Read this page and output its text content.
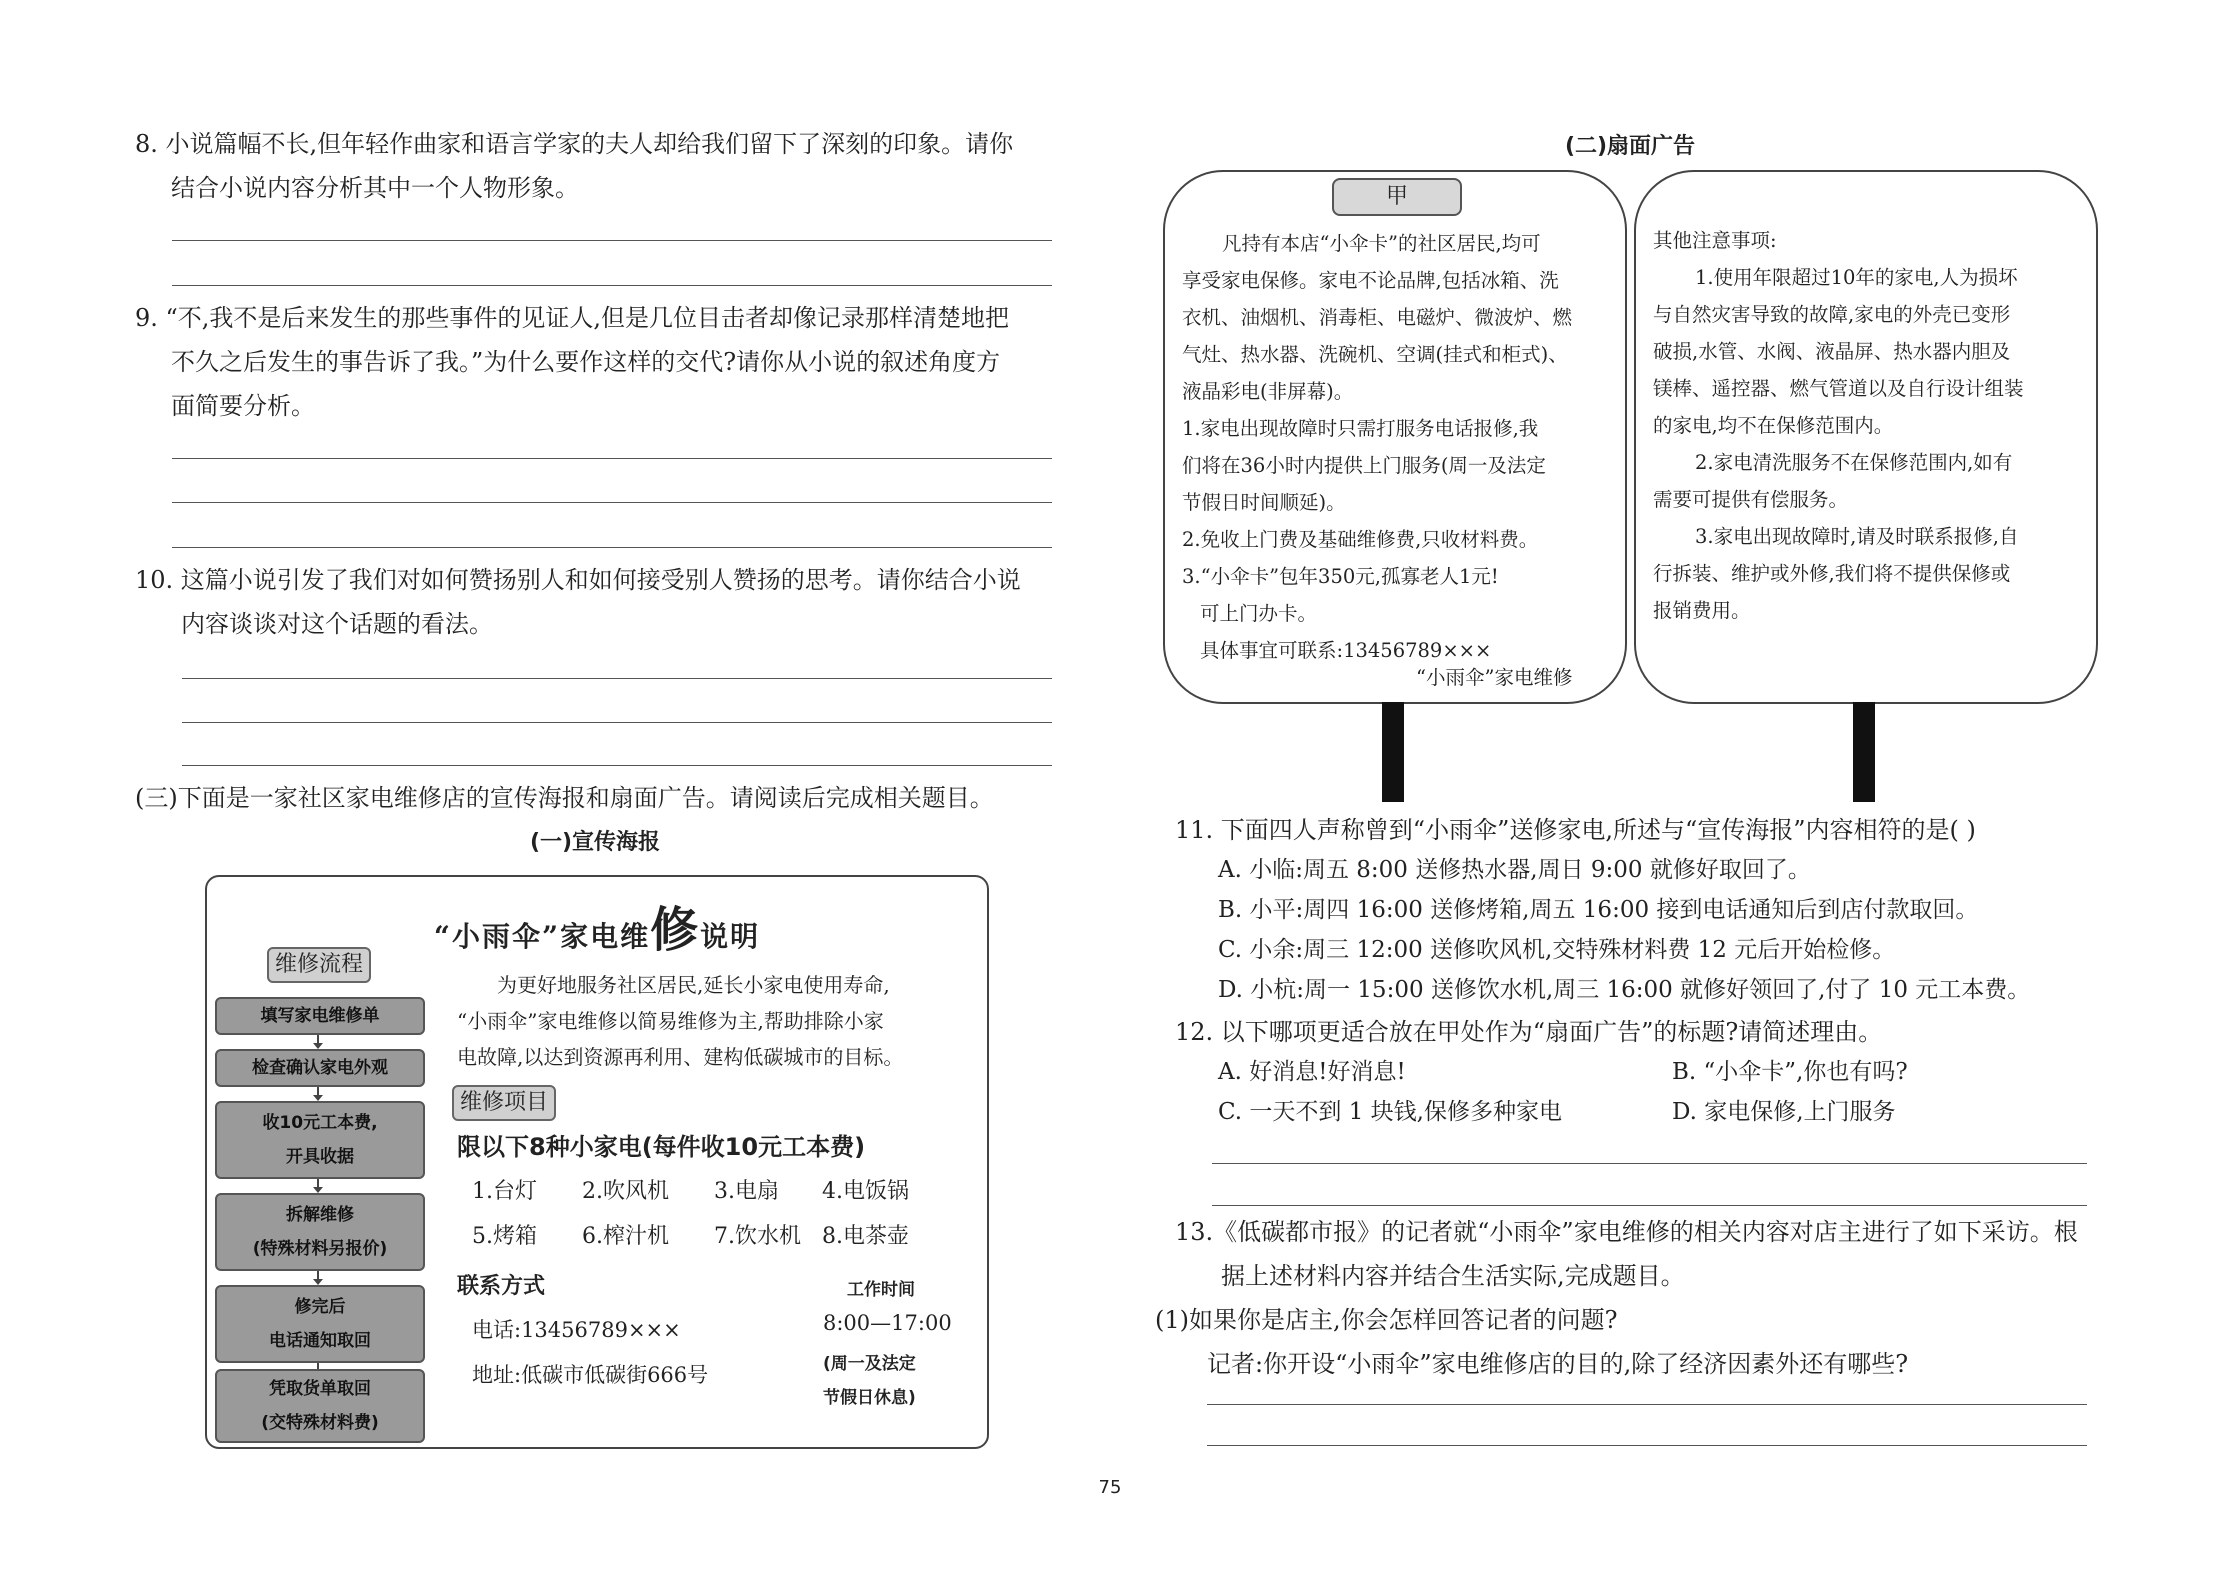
8. 小说篇幅不长,但年轻作曲家和语言学家的夫人却给我们留下了深刻的印象。请你
结合小说内容分析其中一个人物形象。
9. “不,我不是后来发生的那些事件的见证人,但是几位目击者却像记录那样清楚地把
不久之后发生的事告诉了我。”为什么要作这样的交代?请你从小说的叙述角度方
面简要分析。
10. 这篇小说引发了我们对如何赞扬别人和如何接受别人赞扬的思考。请你结合小说
内容谈谈对这个话题的看法。
(三)下面是一家社区家电维修店的宣传海报和扇面广告。请阅读后完成相关题目。
(一)宣传海报
“小雨伞”家电维修说明
维修流程
填写家电维修单
检查确认家电外观
收10元工本费,
开具收据
拆解维修
(特殊材料另报价)
修完后
电话通知取回
凭取货单取回
(交特殊材料费)
为更好地服务社区居民,延长小家电使用寿命,
“小雨伞”家电维修以简易维修为主,帮助排除小家
电故障,以达到资源再利用、建构低碳城市的目标。
维修项目
限以下8种小家电(每件收10元工本费)
1.台灯 2.吹风机 3.电扇 4.电饭锅
5.烤箱 6.榨汁机 7.饮水机 8.电茶壶
联系方式
电话:13456789×××
地址:低碳市低碳街666号
工作时间
8:00—17:00
(周一及法定
节假日休息)
(二)扇面广告
甲
凡持有本店“小伞卡”的社区居民,均可
享受家电保修。家电不论品牌,包括冰箱、洗
衣机、油烟机、消毒柜、电磁炉、微波炉、燃
气灶、热水器、洗碗机、空调(挂式和柜式)、
液晶彩电(非屏幕)。
1.家电出现故障时只需打服务电话报修,我
们将在36小时内提供上门服务(周一及法定
节假日时间顺延)。
2.免收上门费及基础维修费,只收材料费。
3.“小伞卡”包年350元,孤寡老人1元!
可上门办卡。
具体事宜可联系:13456789×××
“小雨伞”家电维修
其他注意事项:
1.使用年限超过10年的家电,人为损坏
与自然灾害导致的故障,家电的外壳已变形
破损,水管、水阀、液晶屏、热水器内胆及
镁棒、遥控器、燃气管道以及自行设计组装
的家电,均不在保修范围内。
2.家电清洗服务不在保修范围内,如有
需要可提供有偿服务。
3.家电出现故障时,请及时联系报修,自
行拆装、维护或外修,我们将不提供保修或
报销费用。
11. 下面四人声称曾到“小雨伞”送修家电,所述与“宣传海报”内容相符的是( )
A. 小临:周五 8:00 送修热水器,周日 9:00 就修好取回了。
B. 小平:周四 16:00 送修烤箱,周五 16:00 接到电话通知后到店付款取回。
C. 小余:周三 12:00 送修吹风机,交特殊材料费 12 元后开始检修。
D. 小杭:周一 15:00 送修饮水机,周三 16:00 就修好领回了,付了 10 元工本费。
12. 以下哪项更适合放在甲处作为“扇面广告”的标题?请简述理由。
A. 好消息!好消息!	B. “小伞卡”,你也有吗?
C. 一天不到 1 块钱,保修多种家电	D. 家电保修,上门服务
13.《低碳都市报》的记者就“小雨伞”家电维修的相关内容对店主进行了如下采访。根
据上述材料内容并结合生活实际,完成题目。
(1)如果你是店主,你会怎样回答记者的问题?
记者:你开设“小雨伞”家电维修店的目的,除了经济因素外还有哪些?
75
